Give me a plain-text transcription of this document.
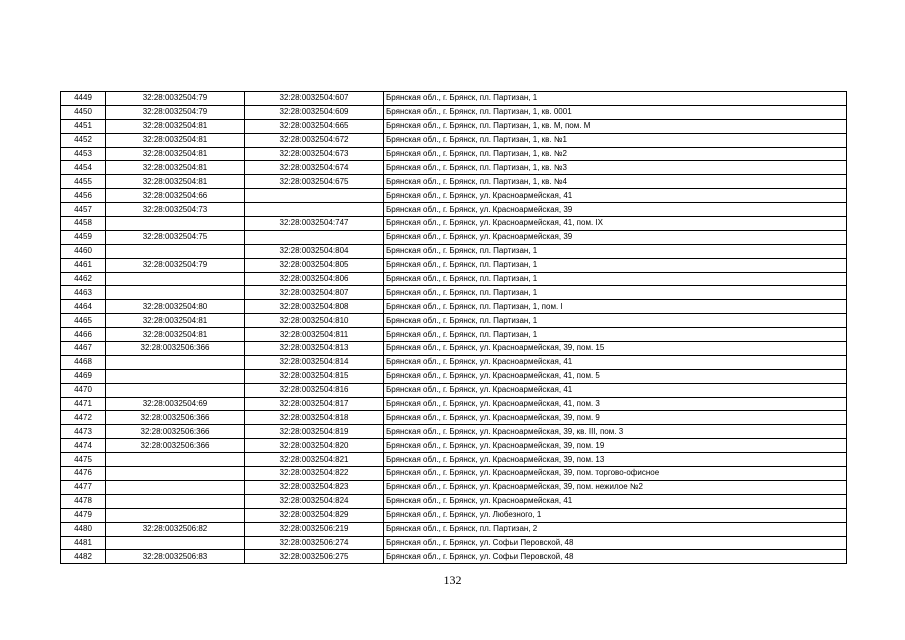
4449	32:28:0032504:79	32:28:0032504:607	Брянская обл., г. Брянск, пл. Партизан, 1
4450	32:28:0032504:79	32:28:0032504:609	Брянская обл., г. Брянск, пл. Партизан, 1, кв. 0001
4451	32:28:0032504:81	32:28:0032504:665	Брянская обл., г. Брянск, пл. Партизан, 1, кв. М, пом. М
4452	32:28:0032504:81	32:28:0032504:672	Брянская обл., г. Брянск, пл. Партизан, 1, кв. №1
4453	32:28:0032504:81	32:28:0032504:673	Брянская обл., г. Брянск, пл. Партизан, 1, кв. №2
4454	32:28:0032504:81	32:28:0032504:674	Брянская обл., г. Брянск, пл. Партизан, 1, кв. №3
4455	32:28:0032504:81	32:28:0032504:675	Брянская обл., г. Брянск, пл. Партизан, 1, кв. №4
4456	32:28:0032504:66		Брянская обл., г. Брянск, ул. Красноармейская, 41
4457	32:28:0032504:73		Брянская обл., г. Брянск, ул. Красноармейская, 39
4458		32:28:0032504:747	Брянская обл., г. Брянск, ул. Красноармейская, 41, пом. IX
4459	32:28:0032504:75		Брянская обл., г. Брянск, ул. Красноармейская, 39
4460		32:28:0032504:804	Брянская обл., г. Брянск, пл. Партизан, 1
4461	32:28:0032504:79	32:28:0032504:805	Брянская обл., г. Брянск, пл. Партизан, 1
4462		32:28:0032504:806	Брянская обл., г. Брянск, пл. Партизан, 1
4463		32:28:0032504:807	Брянская обл., г. Брянск, пл. Партизан, 1
4464	32:28:0032504:80	32:28:0032504:808	Брянская обл., г. Брянск, пл. Партизан, 1, пом. I
4465	32:28:0032504:81	32:28:0032504:810	Брянская обл., г. Брянск, пл. Партизан, 1
4466	32:28:0032504:81	32:28:0032504:811	Брянская обл., г. Брянск, пл. Партизан, 1
4467	32:28:0032506:366	32:28:0032504:813	Брянская обл., г. Брянск, ул. Красноармейская, 39, пом. 15
4468		32:28:0032504:814	Брянская обл., г. Брянск, ул. Красноармейская, 41
4469		32:28:0032504:815	Брянская обл., г. Брянск, ул. Красноармейская, 41, пом. 5
4470		32:28:0032504:816	Брянская обл., г. Брянск, ул. Красноармейская, 41
4471	32:28:0032504:69	32:28:0032504:817	Брянская обл., г. Брянск, ул. Красноармейская, 41, пом. 3
4472	32:28:0032506:366	32:28:0032504:818	Брянская обл., г. Брянск, ул. Красноармейская, 39, пом. 9
4473	32:28:0032506:366	32:28:0032504:819	Брянская обл., г. Брянск, ул. Красноармейская, 39, кв. III, пом. 3
4474	32:28:0032506:366	32:28:0032504:820	Брянская обл., г. Брянск, ул. Красноармейская, 39, пом. 19
4475		32:28:0032504:821	Брянская обл., г. Брянск, ул. Красноармейская, 39, пом. 13
4476		32:28:0032504:822	Брянская обл., г. Брянск, ул. Красноармейская, 39, пом. торгово-офисное
4477		32:28:0032504:823	Брянская обл., г. Брянск, ул. Красноармейская, 39, пом. нежилое №2
4478		32:28:0032504:824	Брянская обл., г. Брянск, ул. Красноармейская, 41
4479		32:28:0032504:829	Брянская обл., г. Брянск, ул. Любезного, 1
4480	32:28:0032506:82	32:28:0032506:219	Брянская обл., г. Брянск, пл. Партизан, 2
4481		32:28:0032506:274	Брянская обл., г. Брянск, ул. Софьи Перовской, 48
4482	32:28:0032506:83	32:28:0032506:275	Брянская обл., г. Брянск, ул. Софьи Перовской, 48
132
